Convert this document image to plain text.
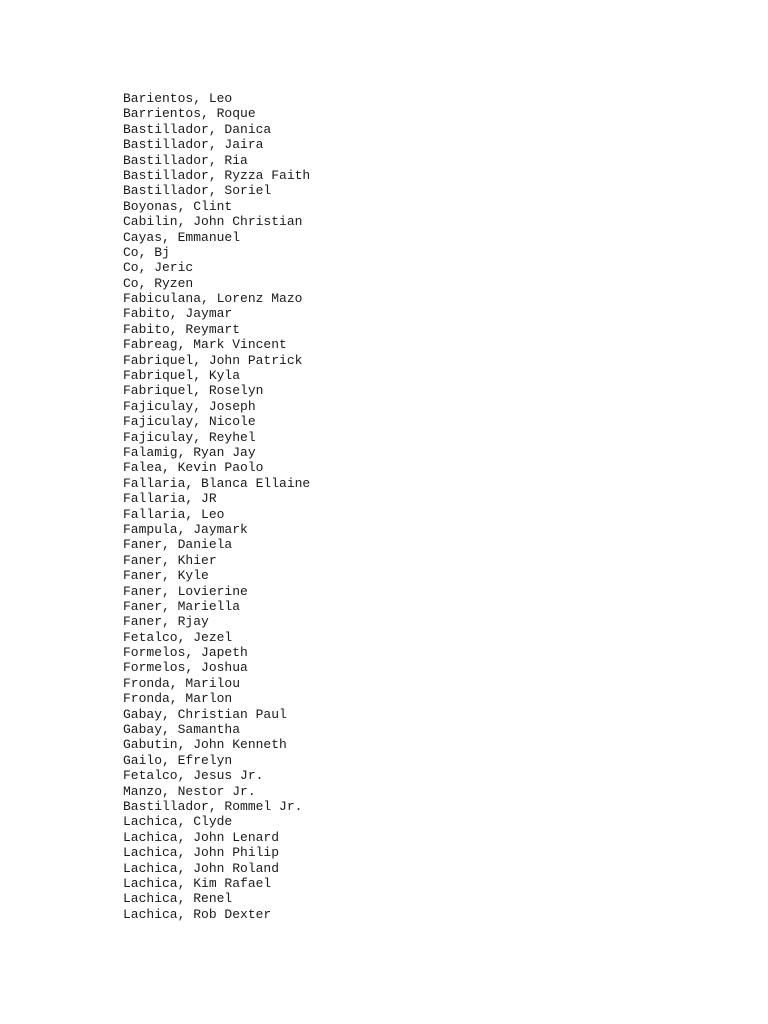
Barientos, Leo
Barrientos, Roque
Bastillador, Danica
Bastillador, Jaira
Bastillador, Ria
Bastillador, Ryzza Faith
Bastillador, Soriel
Boyonas, Clint
Cabilin, John Christian
Cayas, Emmanuel
Co, Bj
Co, Jeric
Co, Ryzen
Fabiculana, Lorenz Mazo
Fabito, Jaymar
Fabito, Reymart
Fabreag, Mark Vincent
Fabriquel, John Patrick
Fabriquel, Kyla
Fabriquel, Roselyn
Fajiculay, Joseph
Fajiculay, Nicole
Fajiculay, Reyhel
Falamig, Ryan Jay
Falea, Kevin Paolo
Fallaria, Blanca Ellaine
Fallaria, JR
Fallaria, Leo
Fampula, Jaymark
Faner, Daniela
Faner, Khier
Faner, Kyle
Faner, Lovierine
Faner, Mariella
Faner, Rjay
Fetalco, Jezel
Formelos, Japeth
Formelos, Joshua
Fronda, Marilou
Fronda, Marlon
Gabay, Christian Paul
Gabay, Samantha
Gabutin, John Kenneth
Gailo, Efrelyn
Fetalco, Jesus Jr.
Manzo, Nestor Jr.
Bastillador, Rommel Jr.
Lachica, Clyde
Lachica, John Lenard
Lachica, John Philip
Lachica, John Roland
Lachica, Kim Rafael
Lachica, Renel
Lachica, Rob Dexter
